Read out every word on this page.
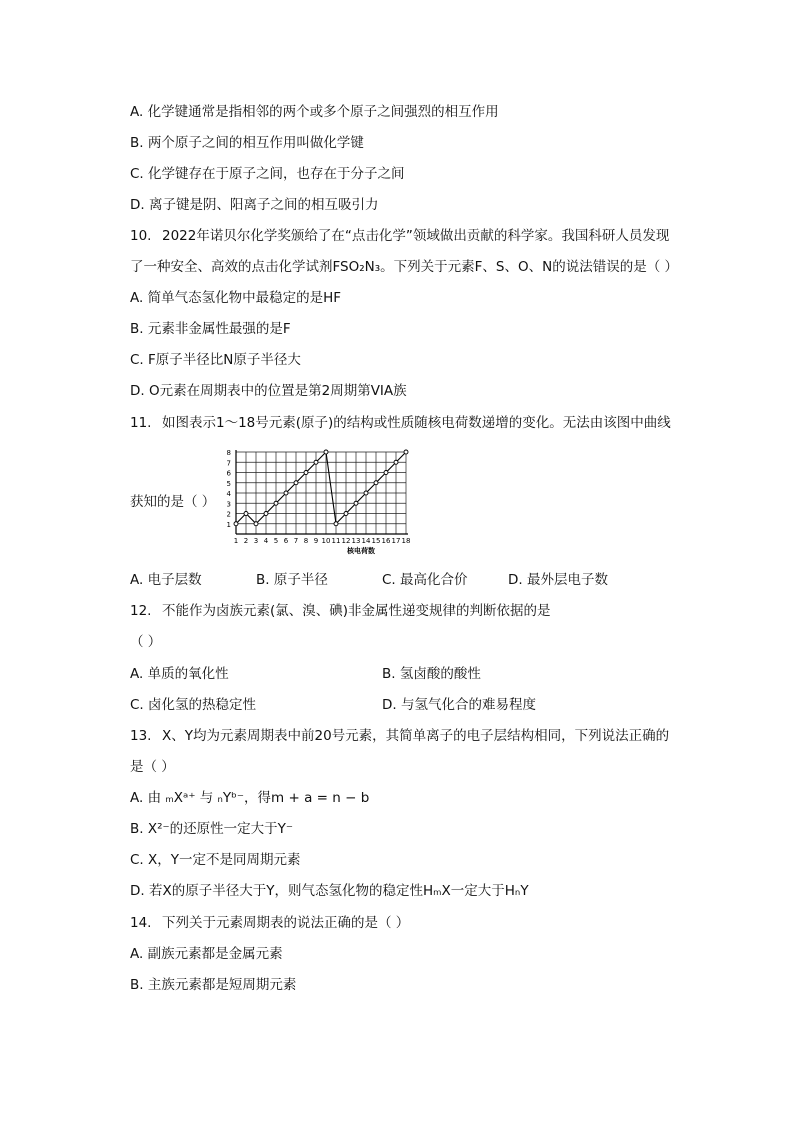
A. 化学键通常是指相邻的两个或多个原子之间强烈的相互作用
B. 两个原子之间的相互作用叫做化学键
C. 化学键存在于原子之间，也存在于分子之间
D. 离子键是阴、阳离子之间的相互吸引力
10. 2022年诺贝尔化学奖颁给了在“点击化学”领域做出贡献的科学家。我国科研人员发现
了一种安全、高效的点击化学试剂FSO₂N₃。下列关于元素F、S、O、N的说法错误的是（ ）
A. 简单气态氢化物中最稳定的是HF
B. 元素非金属性最强的是F
C. F原子半径比N原子半径大
D. O元素在周期表中的位置是第2周期第VIA族
11. 如图表示1～18号元素(原子)的结构或性质随核电荷数递增的变化。无法由该图中曲线
获知的是（ ）
1
2
3
4
5
6
7
8
1 2 3 4 5 6 7 8 9 10 11 12 13 14 15 16 17 18
核电荷数
A. 电子层数	B. 原子半径	C. 最高化合价	D. 最外层电子数
12. 不能作为卤族元素(氯、溴、碘)非金属性递变规律的判断依据的是
（ ）
A. 单质的氧化性	B. 氢卤酸的酸性
C. 卤化氢的热稳定性	D. 与氢气化合的难易程度
13. X、Y均为元素周期表中前20号元素，其简单离子的电子层结构相同，下列说法正确的
是（ ）
A. 由 ₘXᵃ⁺ 与 ₙYᵇ⁻，得m + a = n − b
B. X²⁻的还原性一定大于Y⁻
C. X，Y一定不是同周期元素
D. 若X的原子半径大于Y，则气态氢化物的稳定性HₘX一定大于HₙY
14. 下列关于元素周期表的说法正确的是（ ）
A. 副族元素都是金属元素
B. 主族元素都是短周期元素
